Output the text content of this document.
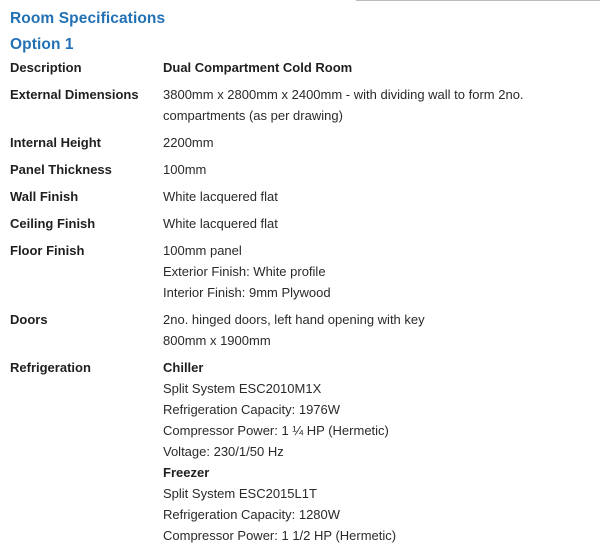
Room Specifications
Option 1
Description	Dual Compartment Cold Room
External Dimensions	3800mm x 2800mm x 2400mm - with dividing wall to form 2no.
compartments (as per drawing)
Internal Height	2200mm
Panel Thickness	100mm
Wall Finish	White lacquered flat
Ceiling Finish	White lacquered flat
Floor Finish	100mm panel
Exterior Finish: White profile
Interior Finish: 9mm Plywood
Doors	2no. hinged doors, left hand opening with key
800mm x 1900mm
Refrigeration	Chiller
Split System ESC2010M1X
Refrigeration Capacity: 1976W
Compressor Power: 1 ¼ HP (Hermetic)
Voltage: 230/1/50 Hz
Freezer
Split System ESC2015L1T
Refrigeration Capacity: 1280W
Compressor Power: 1 1/2 HP (Hermetic)
